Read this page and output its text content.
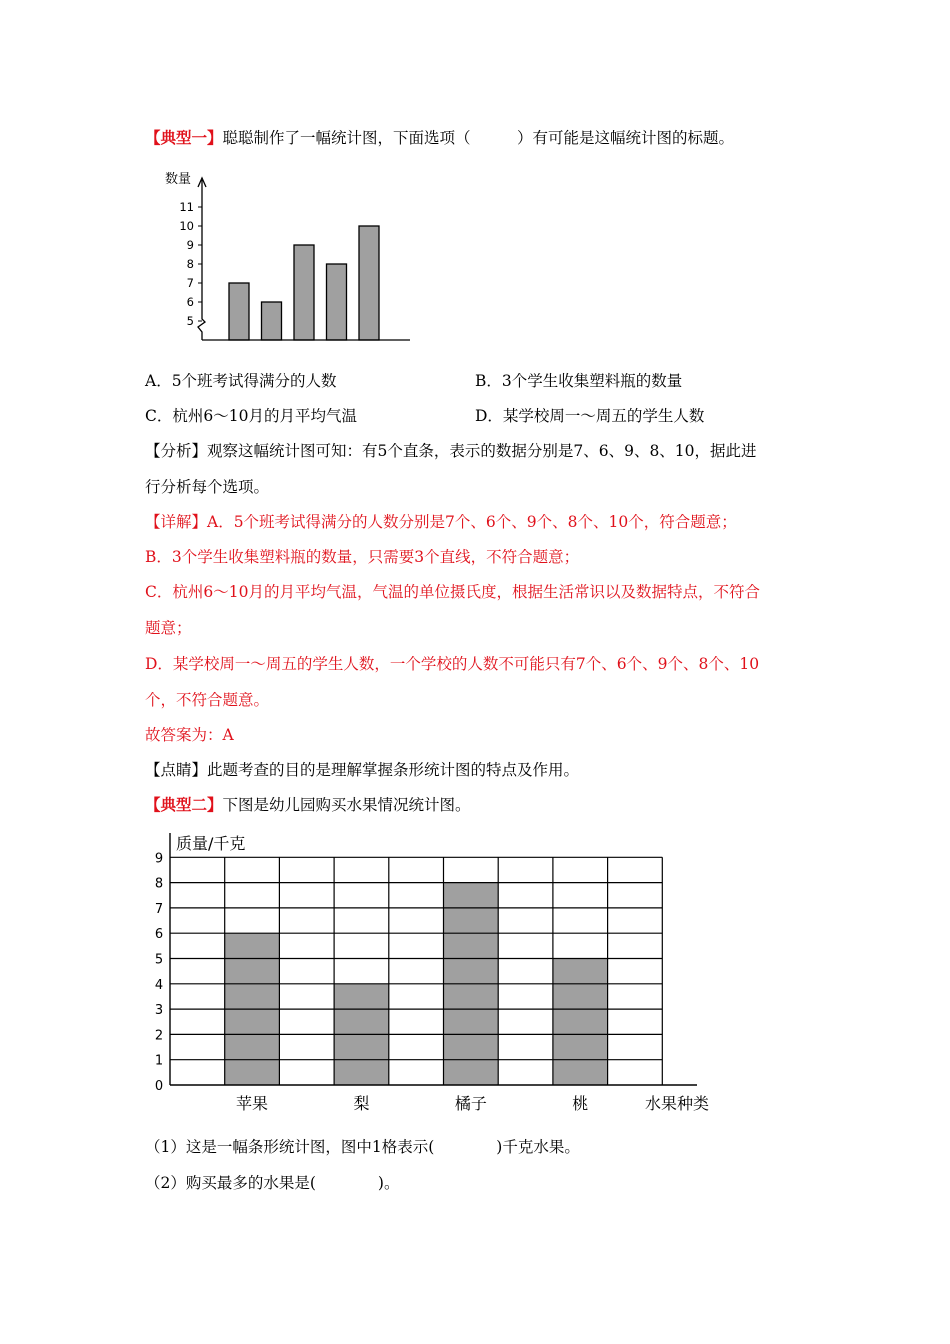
【典型一】聪聪制作了一幅统计图，下面选项（　　　）有可能是这幅统计图的标题。
数量
5
6
7
8
9
10
11
A．5个班考试得满分的人数	B．3个学生收集塑料瓶的数量
C．杭州6～10月的月平均气温	D．某学校周一～周五的学生人数
【分析】观察这幅统计图可知：有5个直条，表示的数据分别是7、6、9、8、10，据此进
行分析每个选项。
【详解】A．5个班考试得满分的人数分别是7个、6个、9个、8个、10个，符合题意；
B．3个学生收集塑料瓶的数量，只需要3个直线，不符合题意；
C．杭州6～10月的月平均气温，气温的单位摄氏度，根据生活常识以及数据特点，不符合
题意；
D．某学校周一～周五的学生人数，一个学校的人数不可能只有7个、6个、9个、8个、10
个，不符合题意。
故答案为：A
【点睛】此题考查的目的是理解掌握条形统计图的特点及作用。
【典型二】下图是幼儿园购买水果情况统计图。
质量/千克
0
1
2
3
4
5
6
7
8
9
苹果	梨	橘子	桃	水果种类
（1）这是一幅条形统计图，图中1格表示(　　　　)千克水果。
（2）购买最多的水果是(　　　　)。
